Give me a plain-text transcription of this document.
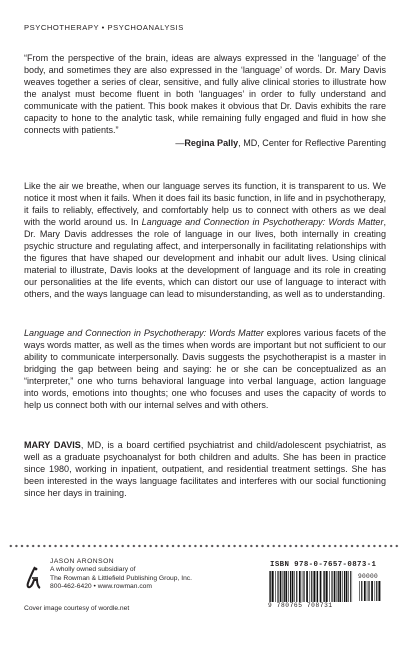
PSYCHOTHERAPY • PSYCHOANALYSIS

“From the perspective of the brain, ideas are always expressed in the ‘language’ of the body, and sometimes they are also expressed in the ‘language’ of words. Dr. Mary Davis weaves together a series of clear, sensitive, and fully alive clinical stories to illustrate how the analyst must become fluent in both ‘languages’ in order to fully understand and communicate with the patient. This book makes it obvious that Dr. Davis exhibits the rare capacity to hone to the analytic task, while remaining fully engaged and fluid in how she connects with patients.”
—Regina Pally, MD, Center for Reflective Parenting

Like the air we breathe, when our language serves its function, it is transparent to us. We notice it most when it fails. When it does fail its basic function, in life and in psychotherapy, it fails to reliably, effectively, and comfortably help us to connect with others as we deal with the world around us. In Language and Connection in Psychotherapy: Words Matter, Dr. Mary Davis addresses the role of language in our lives, both internally in creating psychic structure and regulating affect, and interpersonally in facilitating relationships with the figures that have shaped our development and inhabit our adult lives. Using clinical material to illustrate, Davis looks at the development of language and its role in creating our personalities at the life events, which can distort our use of language to interact with others, and the ways language can lead to misunderstanding, as well as to understanding.

Language and Connection in Psychotherapy: Words Matter explores various facets of the ways words matter, as well as the times when words are important but not sufficient to our ability to communicate interpersonally. Davis suggests the psychotherapist is a master in bridging the gap between being and saying: he or she can be conceptualized as an “interpreter,” one who turns behavioral language into verbal language, action language into words, emotions into thoughts; one who focuses and uses the capacity of words to help us connect both with our internal selves and with others.

MARY DAVIS, MD, is a board certified psychiatrist and child/adolescent psychiatrist, as well as a graduate psychoanalyst for both children and adults. She has been in practice since 1980, working in inpatient, outpatient, and residential treatment settings. She has been interested in the ways language facilitates and interferes with our social functioning since her days in training.

JASON ARONSON
A wholly owned subsidiary of
The Rowman & Littlefield Publishing Group, Inc.
800-462-6420 • www.rowman.com
Cover image courtesy of wordle.net
ISBN 978-0-7657-0873-1
90000
9 780765 708731
